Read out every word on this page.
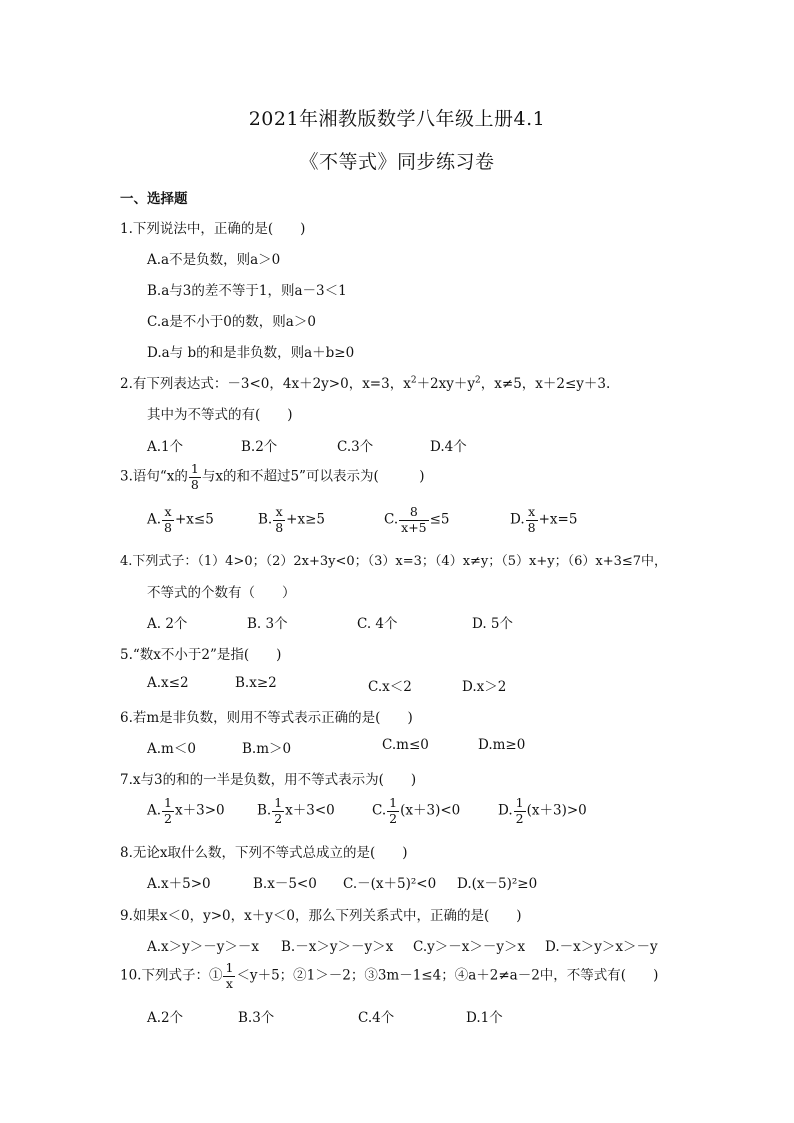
2021年湘教版数学八年级上册4.1
《不等式》同步练习卷
一、选择题
1.下列说法中，正确的是(　　)
A.a不是负数，则a＞0
B.a与3的差不等于1，则a－3＜1
C.a是不小于0的数，则a＞0
D.a与 b的和是非负数，则a＋b≥0
2.有下列表达式：－3<0，4x＋2y>0，x=3，$x^2+2xy+y^2$，x≠5，x＋2≤y＋3.
其中为不等式的有(　　)
A.1个	B.2个	C.3个	D.4个
3.语句“x的 $\frac{1}{8}$ 与x的和不超过5”可以表示为(　　　)
A. $\frac{x}{8} +x\le 5$	B. $\frac{x}{8} +x\ge 5$	C. $\frac{8}{x+5} \le 5$	D. $\frac{x}{8} +x=5$
4.下列式子：（1）4>0；（2）2x+3y<0；（3）x=3；（4）x≠y；（5）x+y；（6）x+3≤7中，
不等式的个数有（　　）
A. 2个	B. 3个	C. 4个	D. 5个
5.“数x不小于2”是指(　　)
A.x≤2	B.x≥2	C.x＜2	D.x＞2
6.若m是非负数，则用不等式表示正确的是(　　)
A.m＜0	B.m＞0	C.m≤0	D.m≥0
7.x与3的和的一半是负数，用不等式表示为(　　)
A. $\frac{1}{2} x+3>0$ B. $\frac{1}{2} x+3<0$	C. $\frac{1}{2} (x+3)<0$	D. $\frac{1}{2} (x+3)>0$
8.无论x取什么数，下列不等式总成立的是(　　)
A.x＋5>0	B.x－5<0 C.－(x＋5)²<0 D.(x－5)²≥0
9.如果x＜0，y>0，x＋y＜0，那么下列关系式中，正确的是(　　)
A.x＞y＞－y＞－x B.－x＞y＞－y＞x C.y＞－x＞－y＞x D.－x＞y＞x＞－y
10.下列式子：① $\frac{1}{x} <y+5$；②1＞－2；③3m－1≤4；④a＋2≠a－2中，不等式有(　　)
A.2个	B.3个	C.4个	D.1个
